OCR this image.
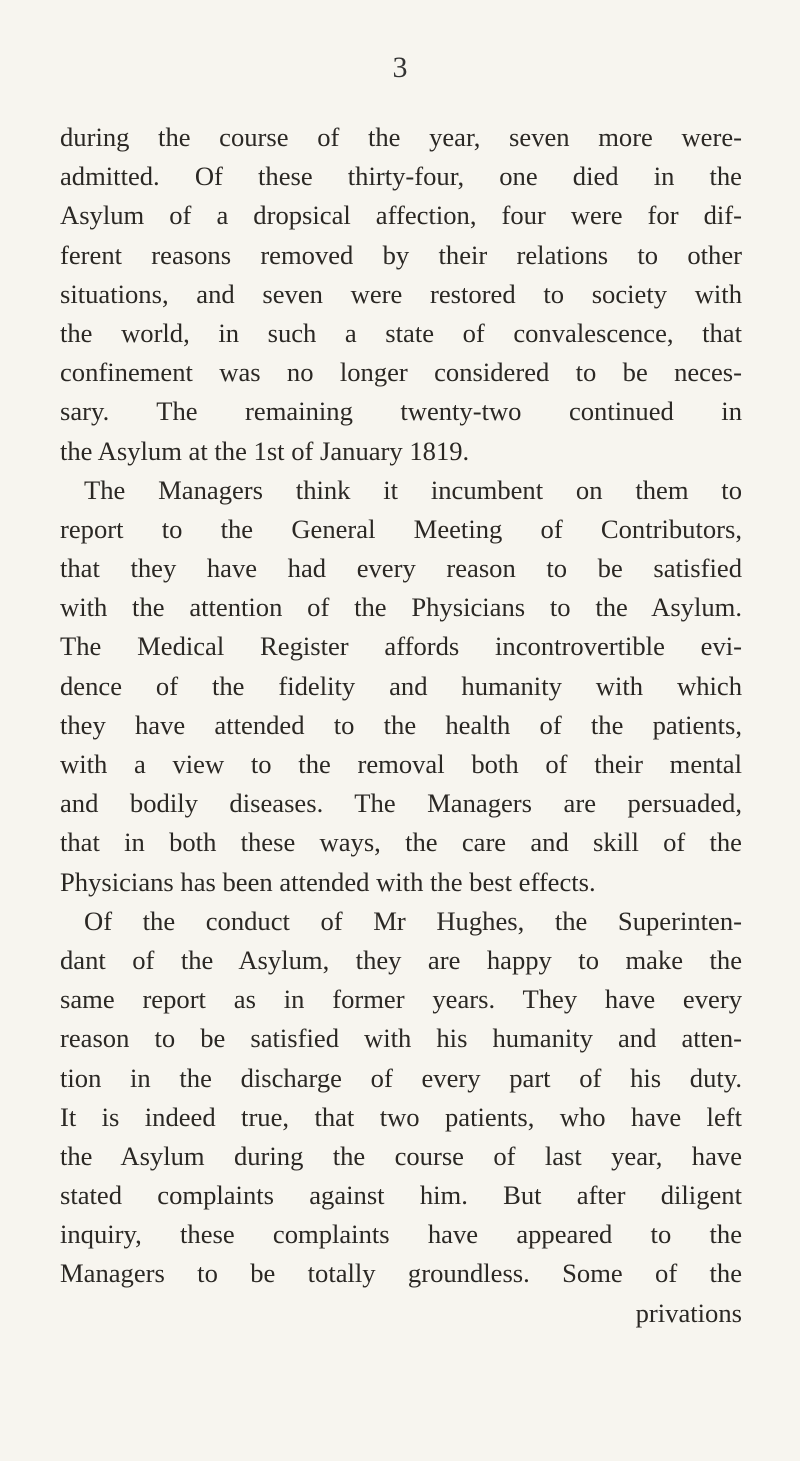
3
during the course of the year, seven more were-
admitted. Of these thirty-four, one died in the
Asylum of a dropsical affection, four were for dif-
ferent reasons removed by their relations to other
situations, and seven were restored to society with
the world, in such a state of convalescence, that
confinement was no longer considered to be neces-
sary. The remaining twenty-two continued in
the Asylum at the 1st of January 1819.
The Managers think it incumbent on them to
report to the General Meeting of Contributors,
that they have had every reason to be satisfied
with the attention of the Physicians to the Asylum.
The Medical Register affords incontrovertible evi-
dence of the fidelity and humanity with which
they have attended to the health of the patients,
with a view to the removal both of their mental
and bodily diseases. The Managers are persuaded,
that in both these ways, the care and skill of the
Physicians has been attended with the best effects.
Of the conduct of Mr Hughes, the Superinten-
dant of the Asylum, they are happy to make the
same report as in former years. They have every
reason to be satisfied with his humanity and atten-
tion in the discharge of every part of his duty.
It is indeed true, that two patients, who have left
the Asylum during the course of last year, have
stated complaints against him. But after diligent
inquiry, these complaints have appeared to the
Managers to be totally groundless. Some of the
privations
